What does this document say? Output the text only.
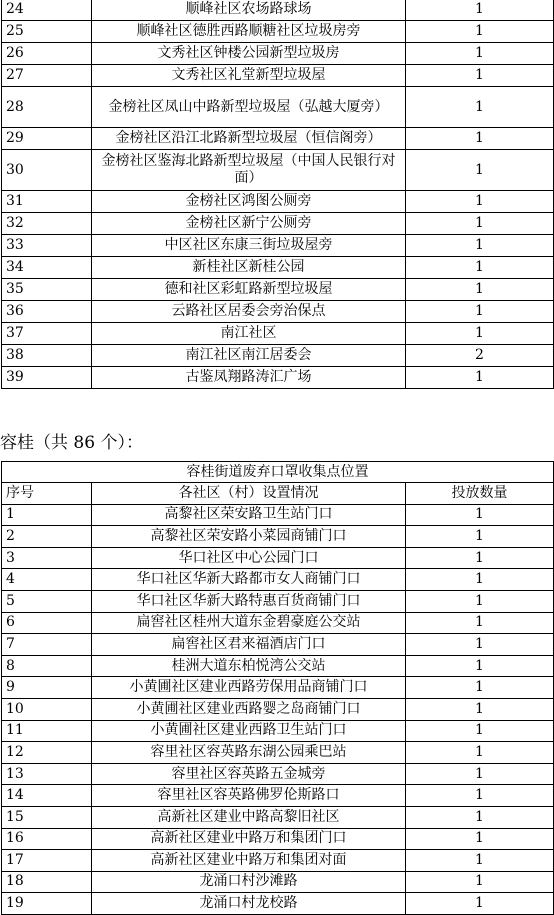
24	顺峰社区农场路球场	1
25	顺峰社区德胜西路顺糖社区垃圾房旁	1
26	文秀社区钟楼公园新型垃圾房	1
27	文秀社区礼堂新型垃圾屋	1
28	金榜社区凤山中路新型垃圾屋（弘越大厦旁）	1
29	金榜社区沿江北路新型垃圾屋（恒信阁旁）	1
30	金榜社区鉴海北路新型垃圾屋（中国人民银行对面）	1
31	金榜社区鸿图公厕旁	1
32	金榜社区新宁公厕旁	1
33	中区社区东康三街垃圾屋旁	1
34	新桂社区新桂公园	1
35	德和社区彩虹路新型垃圾屋	1
36	云路社区居委会旁治保点	1
37	南江社区	1
38	南江社区南江居委会	2
39	古鉴凤翔路涛汇广场	1
容桂（共 86 个）：
容桂街道废弃口罩收集点位置		
序号	各社区（村）设置情况	投放数量
1	高黎社区荣安路卫生站门口	1
2	高黎社区荣安路小菜园商铺门口	1
3	华口社区中心公园门口	1
4	华口社区华新大路都市女人商铺门口	1
5	华口社区华新大路特惠百货商铺门口	1
6	扁窖社区桂州大道东金碧豪庭公交站	1
7	扁窖社区君来福酒店门口	1
8	桂洲大道东柏悦湾公交站	1
9	小黄圃社区建业西路劳保用品商铺门口	1
10	小黄圃社区建业西路婴之岛商铺门口	1
11	小黄圃社区建业西路卫生站门口	1
12	容里社区容英路东湖公园乘巴站	1
13	容里社区容英路五金城旁	1
14	容里社区容英路佛罗伦斯路口	1
15	高新社区建业中路高黎旧社区	1
16	高新社区建业中路万和集团门口	1
17	高新社区建业中路万和集团对面	1
18	龙涌口村沙滩路	1
19	龙涌口村龙校路	1
